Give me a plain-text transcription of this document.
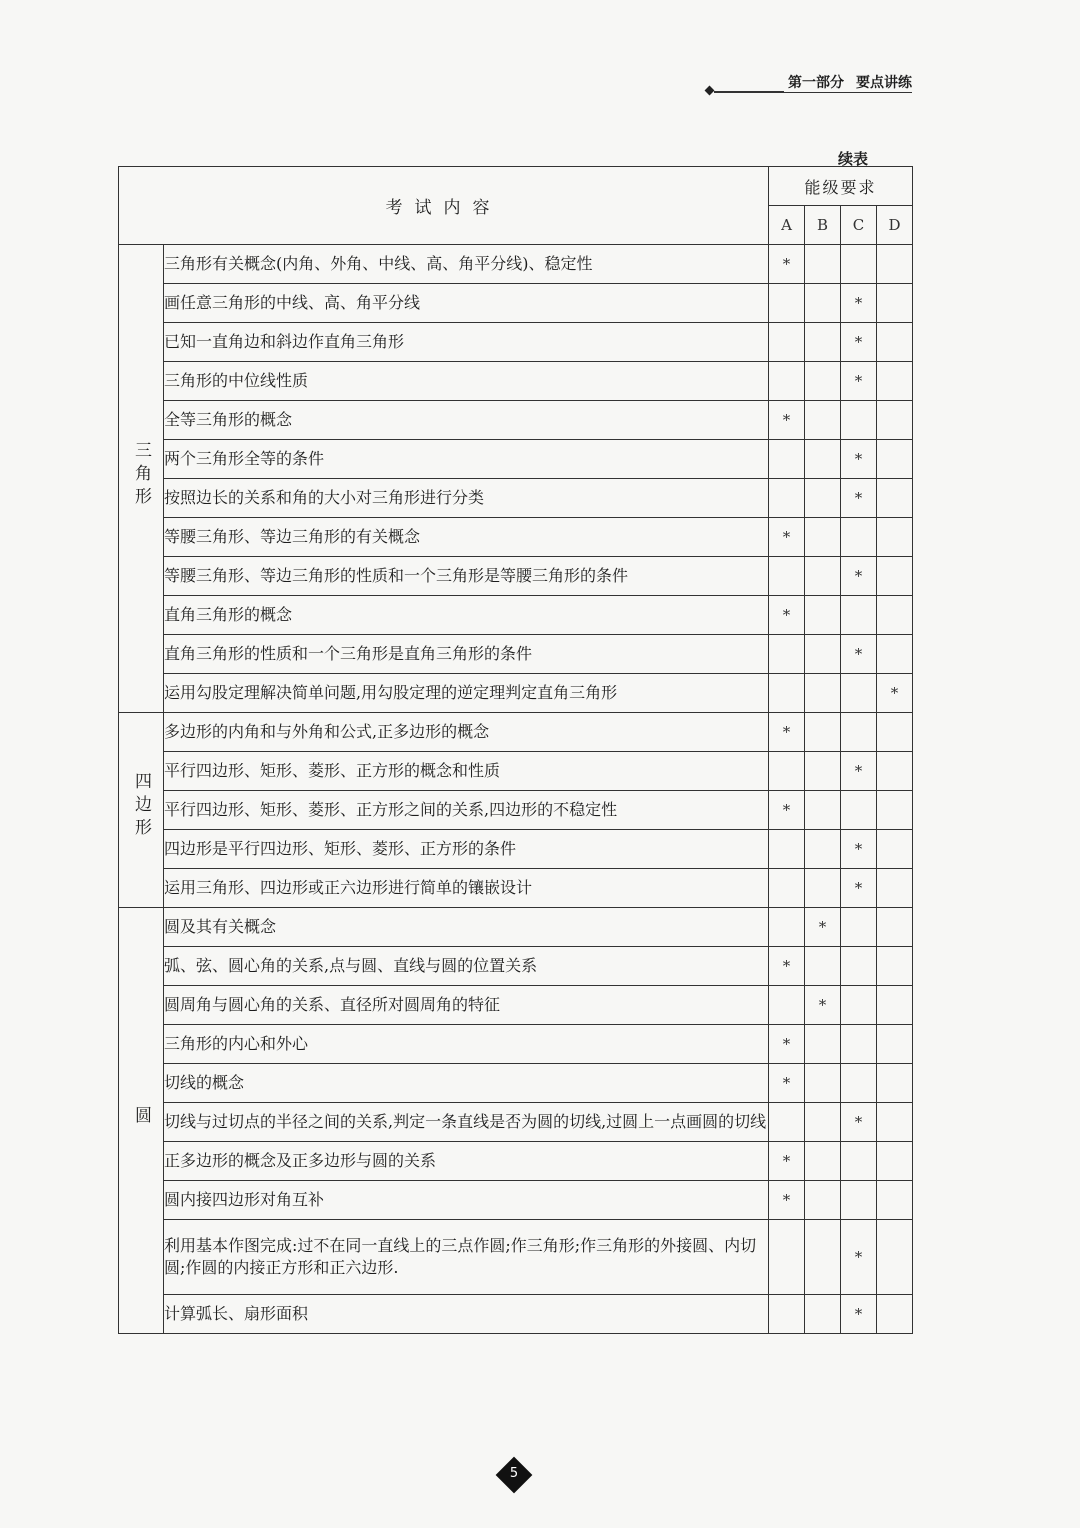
第一部分 要点讲练
续表
考试内容		能级要求			
		A	B	C	D
三角形	三角形有关概念(内角、外角、中线、高、角平分线)、稳定性	*			
	画任意三角形的中线、高、角平分线			*	
	已知一直角边和斜边作直角三角形			*	
	三角形的中位线性质			*	
	全等三角形的概念	*			
	两个三角形全等的条件			*	
	按照边长的关系和角的大小对三角形进行分类			*	
	等腰三角形、等边三角形的有关概念	*			
	等腰三角形、等边三角形的性质和一个三角形是等腰三角形的条件			*	
	直角三角形的概念	*			
	直角三角形的性质和一个三角形是直角三角形的条件			*	
	运用勾股定理解决简单问题,用勾股定理的逆定理判定直角三角形				*
四边形	多边形的内角和与外角和公式,正多边形的概念	*			
	平行四边形、矩形、菱形、正方形的概念和性质			*	
	平行四边形、矩形、菱形、正方形之间的关系,四边形的不稳定性	*			
	四边形是平行四边形、矩形、菱形、正方形的条件			*	
	运用三角形、四边形或正六边形进行简单的镶嵌设计			*	
圆	圆及其有关概念		*		
	弧、弦、圆心角的关系,点与圆、直线与圆的位置关系	*			
	圆周角与圆心角的关系、直径所对圆周角的特征		*		
	三角形的内心和外心	*			
	切线的概念	*			
	切线与过切点的半径之间的关系,判定一条直线是否为圆的切线,过圆上一点画圆的切线			*	
	正多边形的概念及正多边形与圆的关系	*			
	圆内接四边形对角互补	*			
	利用基本作图完成:过不在同一直线上的三点作圆;作三角形;作三角形的外接圆、内切圆;作圆的内接正方形和正六边形.			*	
	计算弧长、扇形面积			*	
5
